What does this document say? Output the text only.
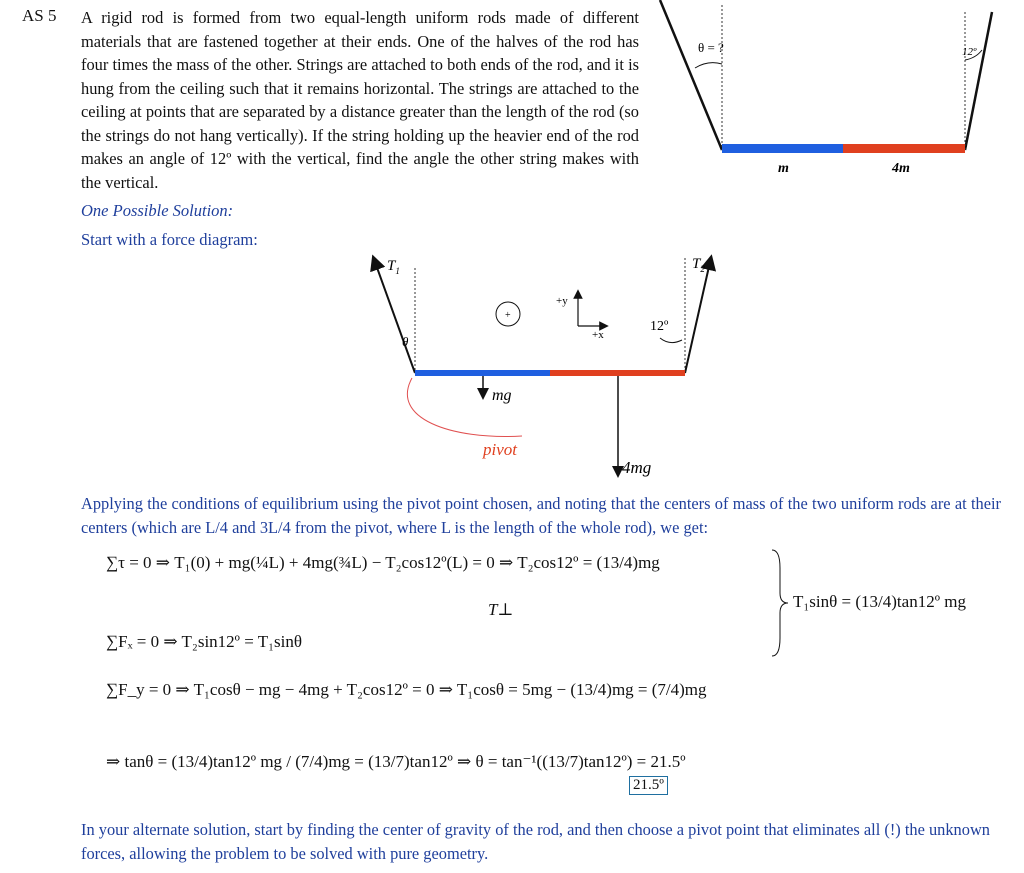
AS 5 A rigid rod is formed from two equal-length uniform rods made of different materials that are fastened together at their ends. One of the halves of the rod has four times the mass of the other. Strings are attached to both ends of the rod, and it is hung from the ceiling such that it remains horizontal. The strings are attached to the ceiling at points that are separated by a distance greater than the length of the rod (so the strings do not hang vertically). If the string holding up the heavier end of the rod makes an angle of 12º with the vertical, find the angle the other string makes with the vertical.
θ = ?	12º
m	4m
One Possible Solution:
Start with a force diagram:
$T_1$
θ
$T_2$
12º
+
+y
+x
mg
4mg
pivot
Applying the conditions of equilibrium using the pivot point chosen, and noting that the centers of mass of the two uniform rods are at their centers (which are L/4 and 3L/4 from the pivot, where L is the length of the whole rod), we get:
∑τ = 0 ⇒ T₁(0) + mg(¼L) + 4mg(¾L) − T₂cos12º(L) = 0 ⇒ T₂cos12º = (13/4)mg
T⊥	T₁sinθ = (13/4)tan12º mg
∑Fₓ = 0 ⇒ T₂sin12º = T₁sinθ
∑F_y = 0 ⇒ T₁cosθ − mg − 4mg + T₂cos12º = 0 ⇒ T₁cosθ = 5mg − (13/4)mg = (7/4)mg
⇒ tanθ = (13/4)tan12º mg / (7/4)mg = (13/7)tan12º ⇒ θ = tan⁻¹((13/7)tan12º) = 21.5º
21.5º
In your alternate solution, start by finding the center of gravity of the rod, and then choose a pivot point that eliminates all (!) the unknown forces, allowing the problem to be solved with pure geometry.
